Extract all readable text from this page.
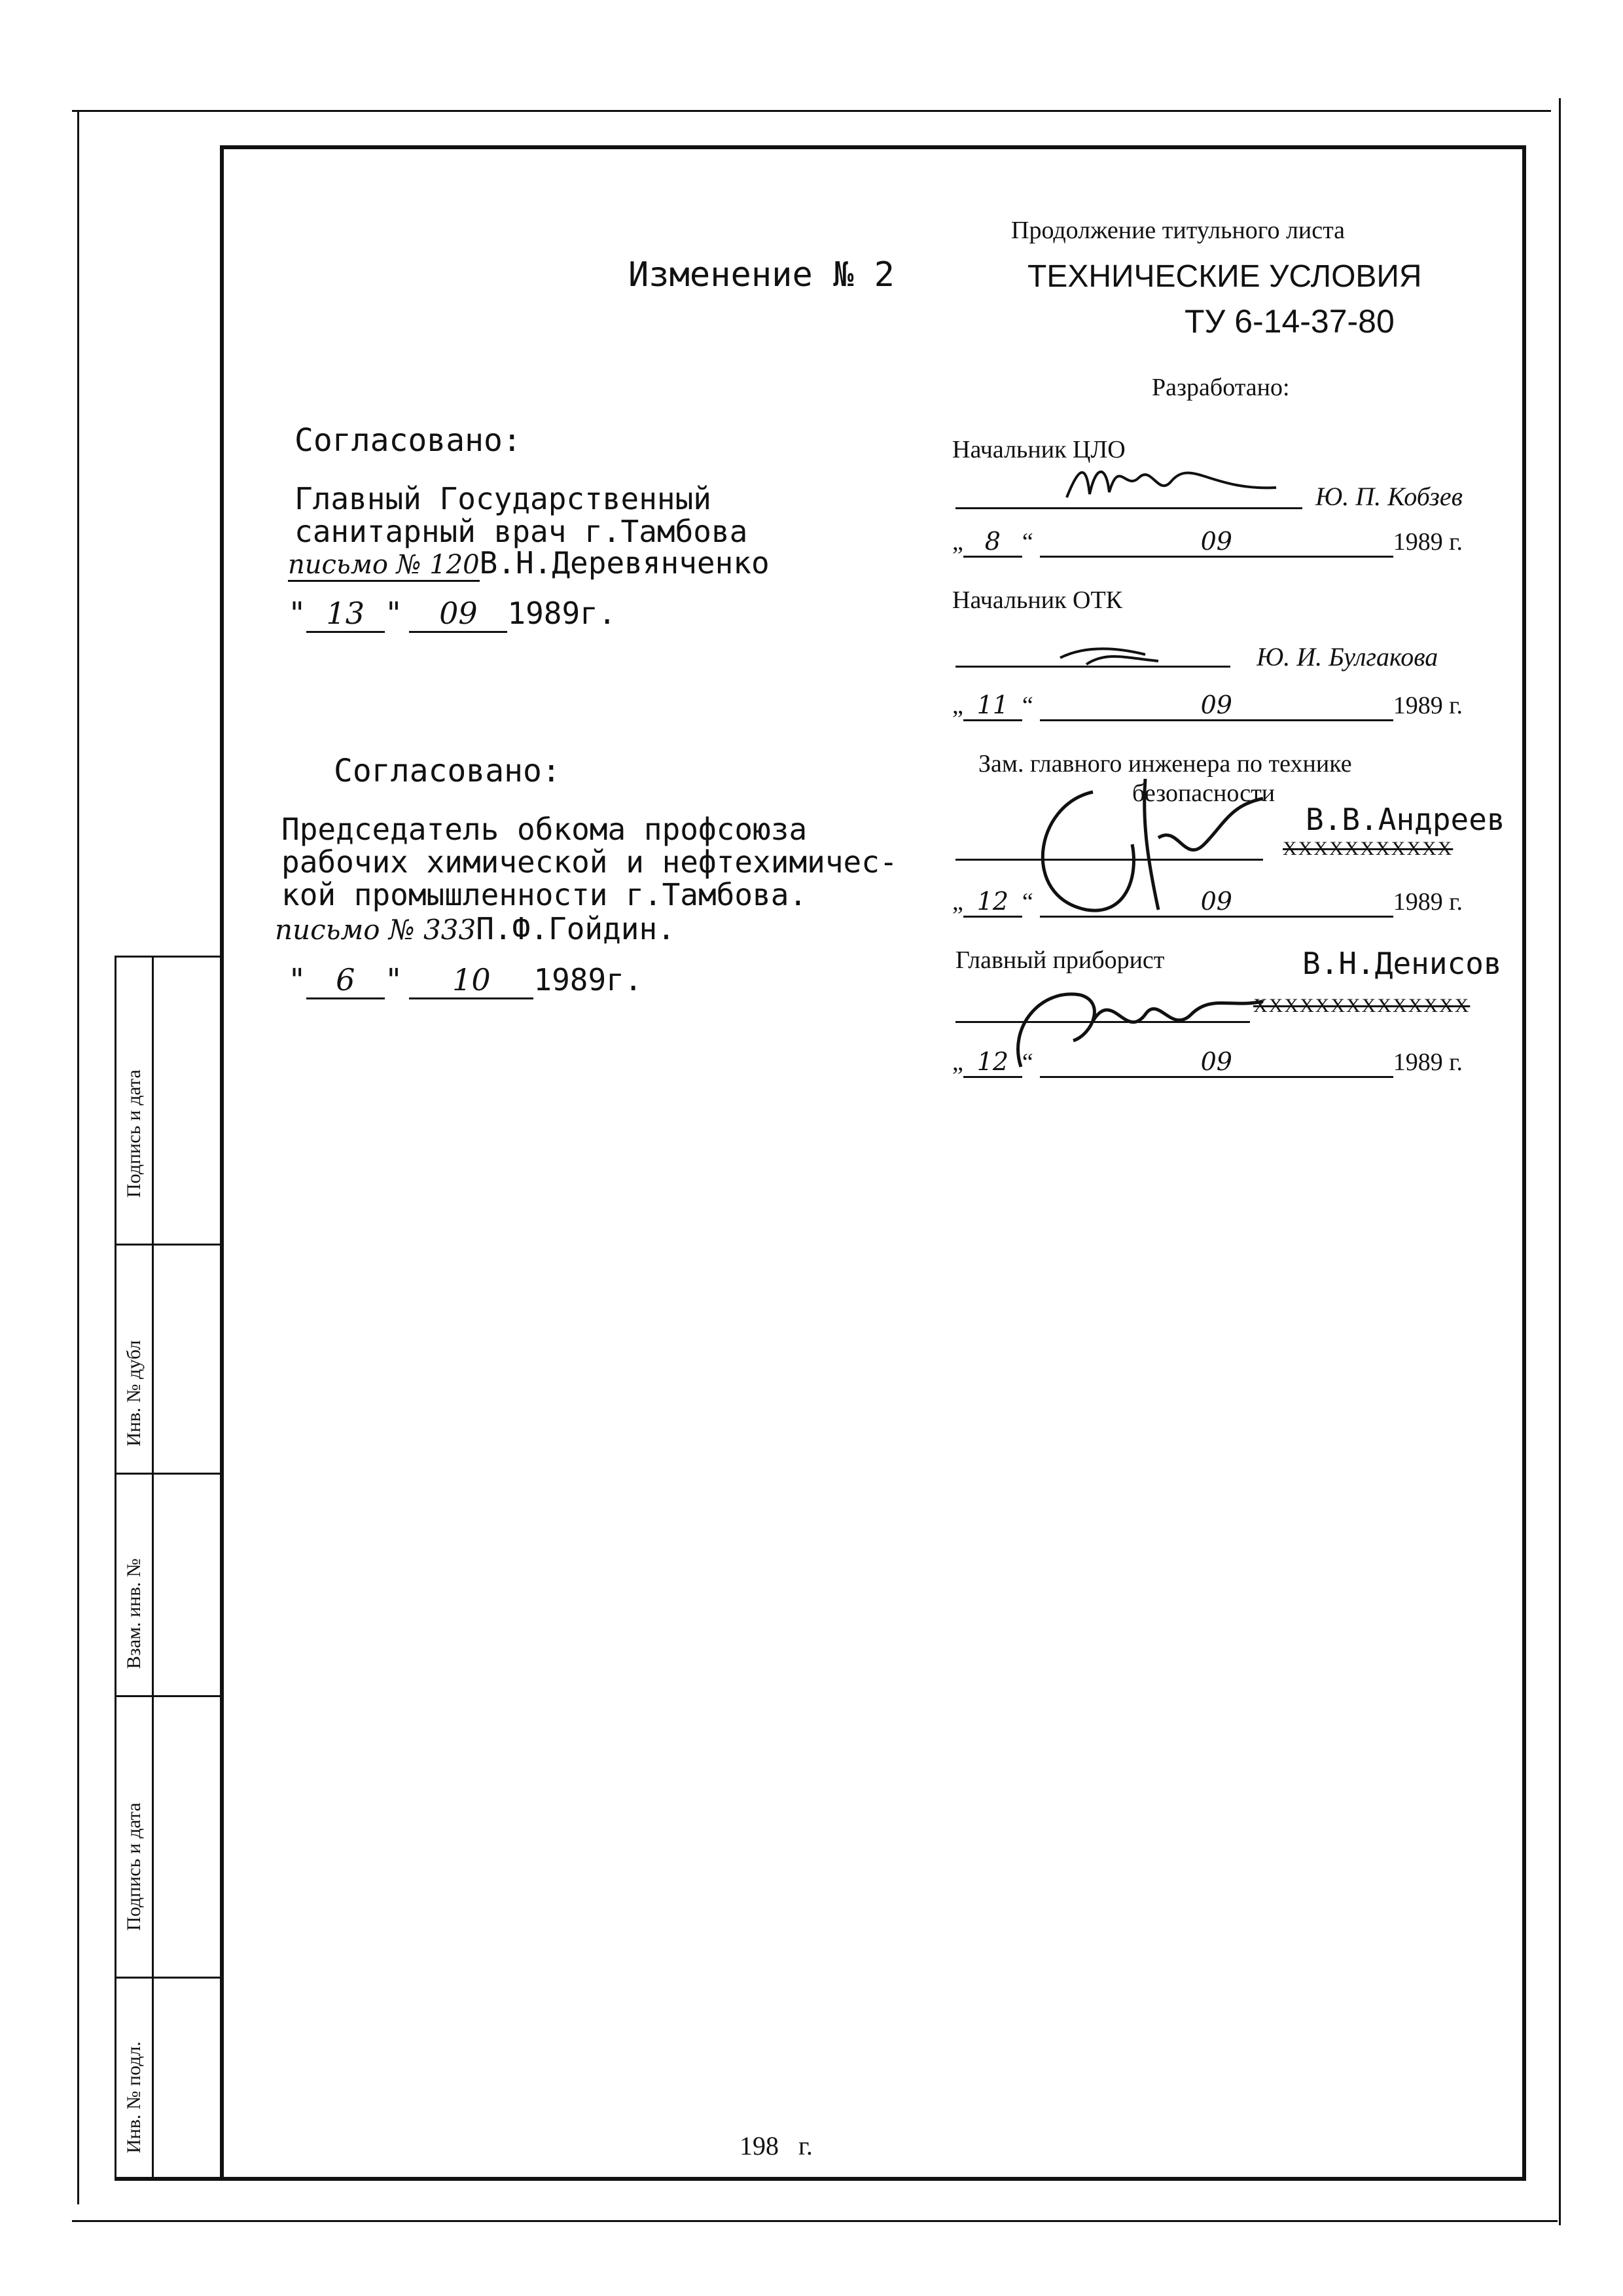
Подпись и дата
Инв. № дубл
Взам. инв. №
Подпись и дата
Инв. № подл.
Изменение № 2
Продолжение титульного листа
ТЕХНИЧЕСКИЕ УСЛОВИЯ
ТУ 6-14-37-80
Разработано:
Согласовано:
Главный Государственный
санитарный врач г.Тамбова
письмо № 120В.Н.Деревянченко
" 13 " 09 1989г.
Согласовано:
Председатель обкома профсоюза
рабочих химической и нефтехимичес-
кой промышленности г.Тамбова.
письмо № 333П.Ф.Гойдин.
" 6 " 10 1989г.
Начальник ЦЛО
Ю. П. Кобзев
„ 8 “	09	1989 г.
Начальник ОТК
Ю. И. Булгакова
„ 11 “	09	1989 г.
Зам. главного инженера по технике
безопасности
В.В.Андреев
ХХХХХХХХХХХ
„ 12 “	09	1989 г.
Главный приборист	В.Н.Денисов
ХХХХХХХХХХХХХХ
„ 12 “	09	1989 г.
198   г.
